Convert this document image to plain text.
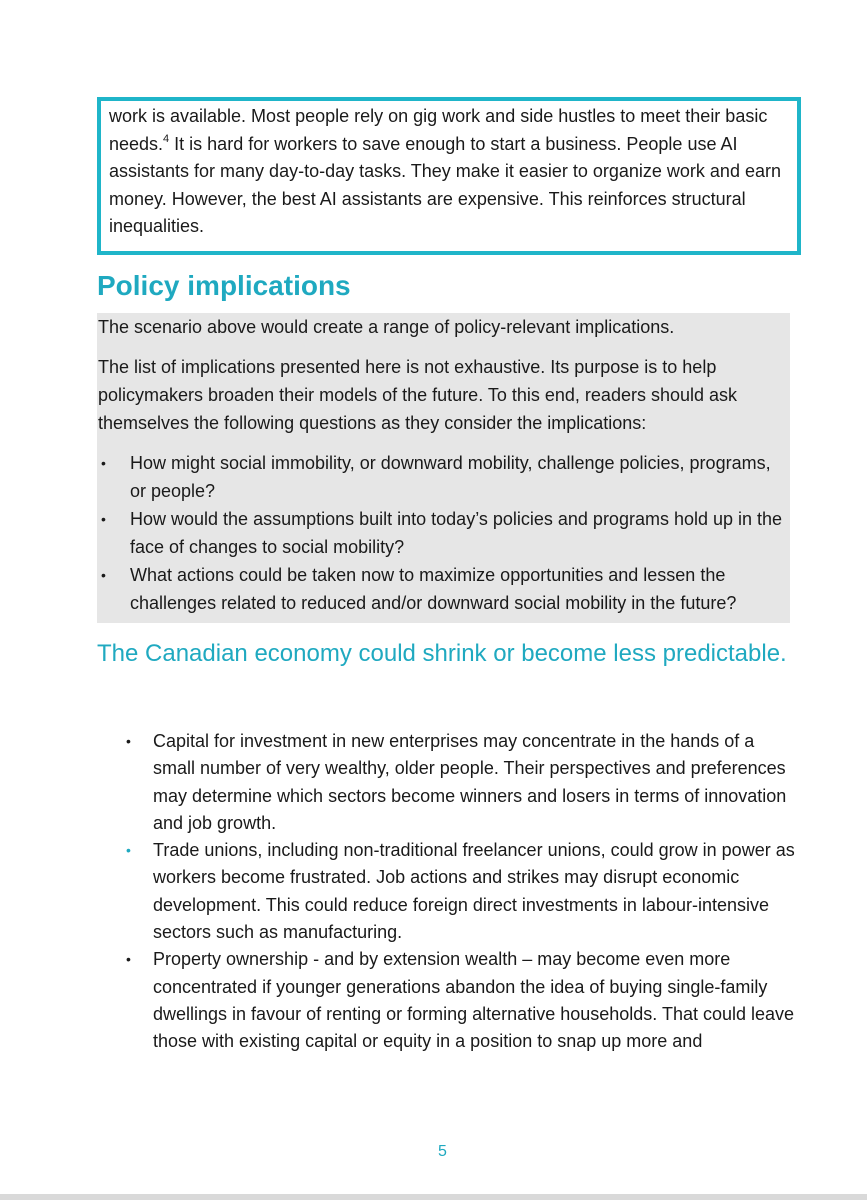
work is available. Most people rely on gig work and side hustles to meet their basic needs.$^4$ It is hard for workers to save enough to start a business. People use AI assistants for many day-to-day tasks. They make it easier to organize work and earn money. However, the best AI assistants are expensive. This reinforces structural inequalities.

Policy implications

The scenario above would create a range of policy-relevant implications.

The list of implications presented here is not exhaustive. Its purpose is to help policymakers broaden their models of the future. To this end, readers should ask themselves the following questions as they consider the implications:

• How might social immobility, or downward mobility, challenge policies, programs, or people?
• How would the assumptions built into today’s policies and programs hold up in the face of changes to social mobility?
• What actions could be taken now to maximize opportunities and lessen the challenges related to reduced and/or downward social mobility in the future?
The Canadian economy could shrink or become less predictable.
• Capital for investment in new enterprises may concentrate in the hands of a small number of very wealthy, older people. Their perspectives and preferences may determine which sectors become winners and losers in terms of innovation and job growth.
• Trade unions, including non-traditional freelancer unions, could grow in power as workers become frustrated. Job actions and strikes may disrupt economic development. This could reduce foreign direct investments in labour-intensive sectors such as manufacturing.
• Property ownership - and by extension wealth – may become even more concentrated if younger generations abandon the idea of buying single-family dwellings in favour of renting or forming alternative households. That could leave those with existing capital or equity in a position to snap up more and
5
